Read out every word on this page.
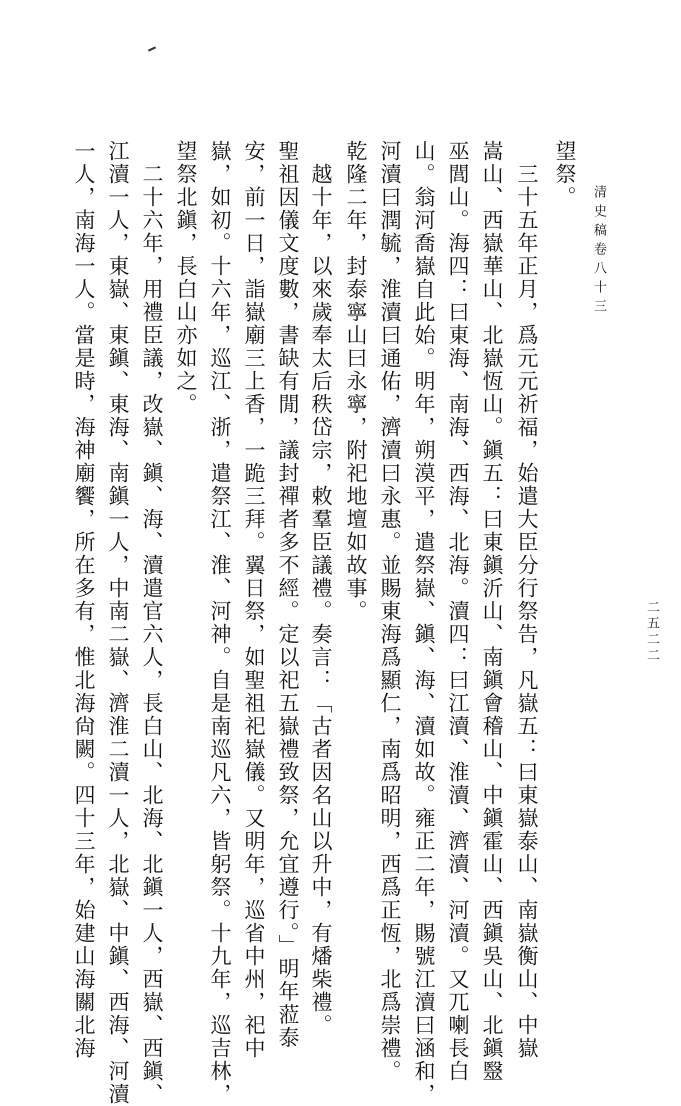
清史稿卷八十三
二五二二
望祭。
　三十五年正月，爲元元祈福，始遣大臣分行祭告，凡嶽五：曰東嶽泰山、南嶽衡山、中嶽
嵩山、西嶽華山、北嶽恆山。鎭五：曰東鎭沂山、南鎭會稽山、中鎭霍山、西鎭吳山、北鎭毉
巫閭山。海四：曰東海、南海、西海、北海。瀆四：曰江瀆、淮瀆、濟瀆、河瀆。又兀喇長白
山。翁河喬嶽自此始。明年，朔漠平，遣祭嶽、鎭、海、瀆如故。雍正二年，賜號江瀆曰涵和，
河瀆曰潤毓，淮瀆曰通佑，濟瀆曰永惠。並賜東海爲顯仁，南爲昭明，西爲正恆，北爲崇禮。
乾隆二年，封泰寧山曰永寧，附祀地壇如故事。
　越十年，以來歲奉太后秩岱宗，敕羣臣議禮。奏言：「古者因名山以升中，有燔柴禮。
聖祖因儀文度數，書缺有閒，議封禪者多不經。定以祀五嶽禮致祭，允宜遵行。」明年蒞泰
安，前一日，詣嶽廟三上香，一跪三拜。翼日祭，如聖祖祀嶽儀。又明年，巡省中州，祀中
嶽，如初。十六年，巡江、浙，遣祭江、淮、河神。自是南巡凡六，皆躬祭。十九年，巡吉林，
望祭北鎭，長白山亦如之。
　二十六年，用禮臣議，改嶽、鎭、海、瀆遣官六人，長白山、北海、北鎭一人，西嶽、西鎭、
江瀆一人，東嶽、東鎭、東海、南鎭一人，中南二嶽、濟淮二瀆一人，北嶽、中鎭、西海、河瀆
一人，南海一人。當是時，海神廟饗，所在多有，惟北海尙闕。四十三年，始建山海關北海
